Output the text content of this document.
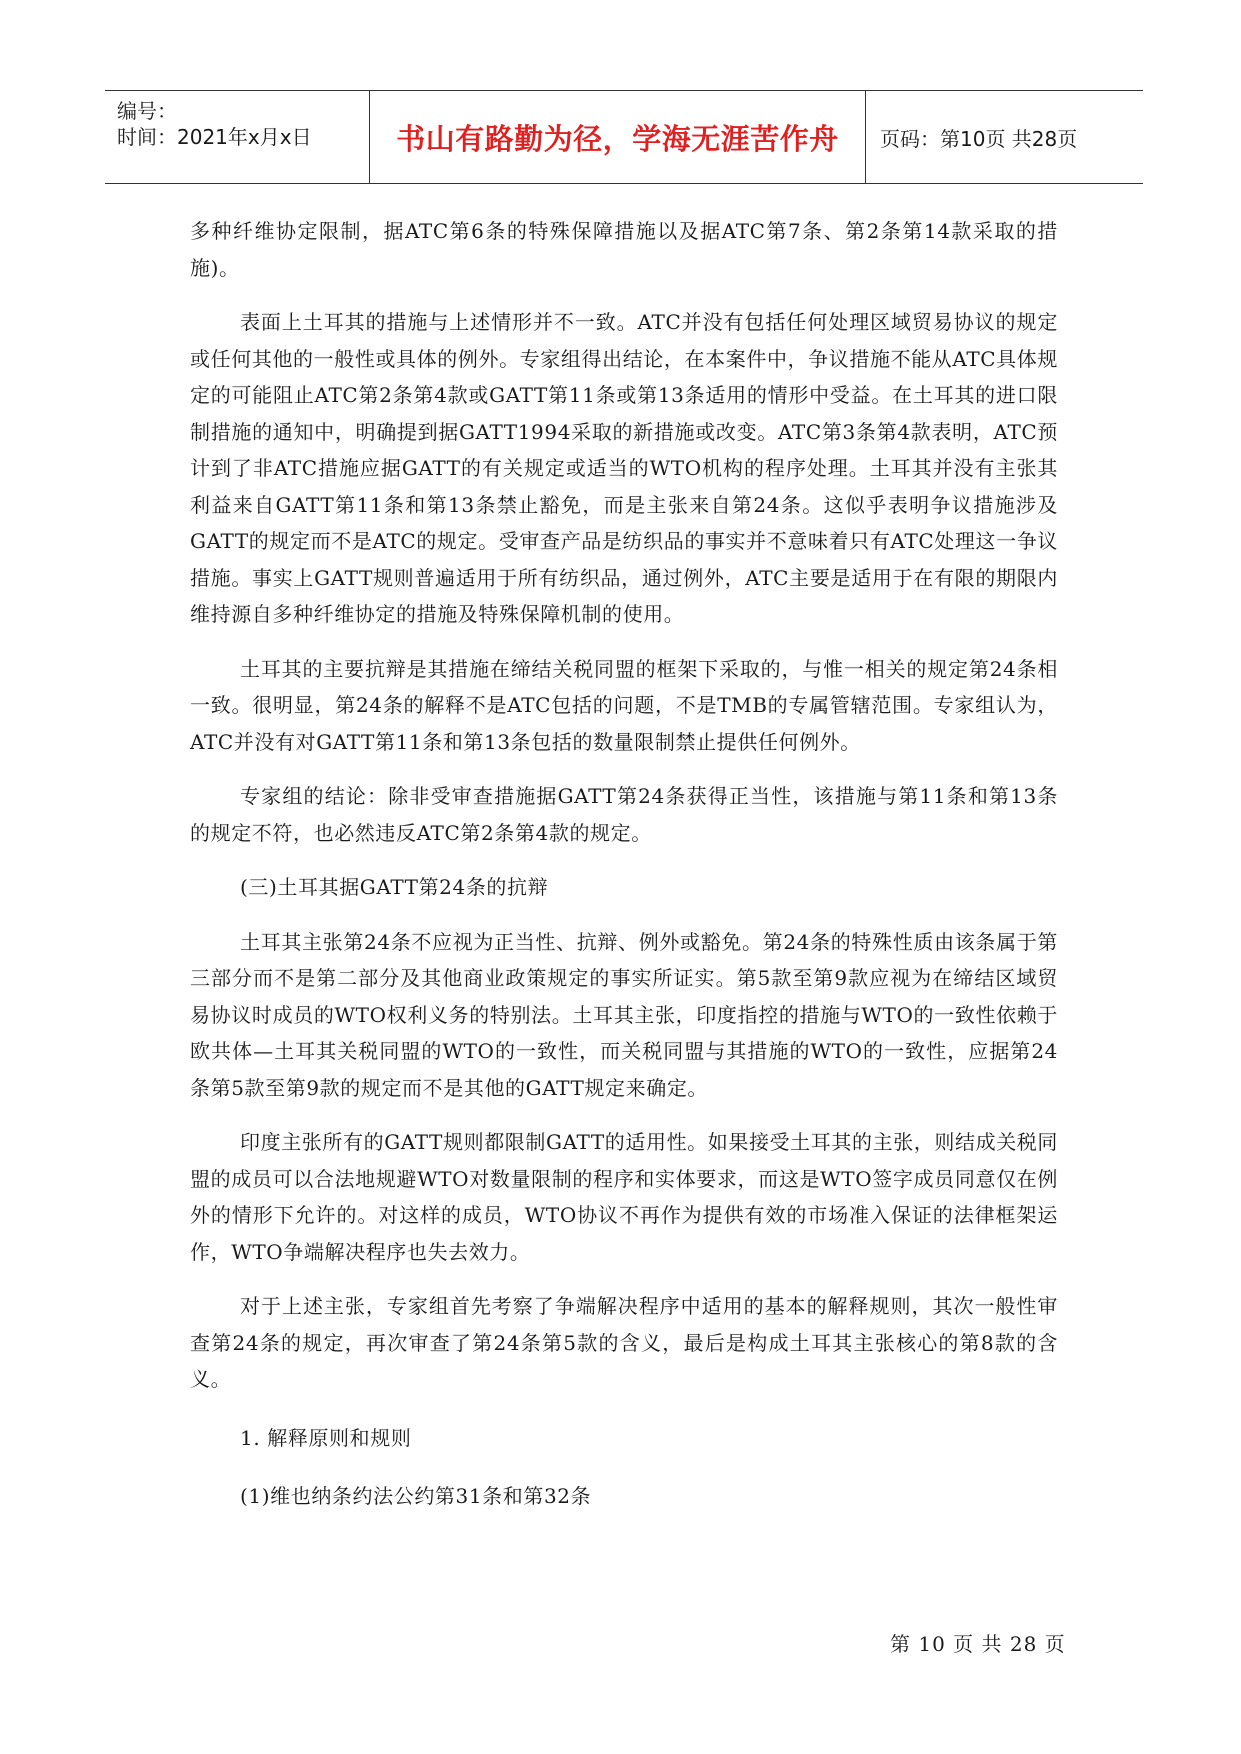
编号：
时间：2021年x月x日	书山有路勤为径，学海无涯苦作舟 页码：第10页 共28页

多种纤维协定限制，据ATC第6条的特殊保障措施以及据ATC第7条、第2条第14款采取的措施)。

表面上土耳其的措施与上述情形并不一致。ATC并没有包括任何处理区域贸易协议的规定或任何其他的一般性或具体的例外。专家组得出结论，在本案件中，争议措施不能从ATC具体规定的可能阻止ATC第2条第4款或GATT第11条或第13条适用的情形中受益。在土耳其的进口限制措施的通知中，明确提到据GATT1994采取的新措施或改变。ATC第3条第4款表明，ATC预计到了非ATC措施应据GATT的有关规定或适当的WTO机构的程序处理。土耳其并没有主张其利益来自GATT第11条和第13条禁止豁免，而是主张来自第24条。这似乎表明争议措施涉及GATT的规定而不是ATC的规定。受审查产品是纺织品的事实并不意味着只有ATC处理这一争议措施。事实上GATT规则普遍适用于所有纺织品，通过例外，ATC主要是适用于在有限的期限内维持源自多种纤维协定的措施及特殊保障机制的使用。

土耳其的主要抗辩是其措施在缔结关税同盟的框架下采取的，与惟一相关的规定第24条相一致。很明显，第24条的解释不是ATC包括的问题，不是TMB的专属管辖范围。专家组认为，ATC并没有对GATT第11条和第13条包括的数量限制禁止提供任何例外。

专家组的结论：除非受审查措施据GATT第24条获得正当性，该措施与第11条和第13条的规定不符，也必然违反ATC第2条第4款的规定。

(三)土耳其据GATT第24条的抗辩

土耳其主张第24条不应视为正当性、抗辩、例外或豁免。第24条的特殊性质由该条属于第三部分而不是第二部分及其他商业政策规定的事实所证实。第5款至第9款应视为在缔结区域贸易协议时成员的WTO权利义务的特别法。土耳其主张，印度指控的措施与WTO的一致性依赖于欧共体—土耳其关税同盟的WTO的一致性，而关税同盟与其措施的WTO的一致性，应据第24条第5款至第9款的规定而不是其他的GATT规定来确定。

印度主张所有的GATT规则都限制GATT的适用性。如果接受土耳其的主张，则结成关税同盟的成员可以合法地规避WTO对数量限制的程序和实体要求，而这是WTO签字成员同意仅在例外的情形下允许的。对这样的成员，WTO协议不再作为提供有效的市场准入保证的法律框架运作，WTO争端解决程序也失去效力。

对于上述主张，专家组首先考察了争端解决程序中适用的基本的解释规则，其次一般性审查第24条的规定，再次审查了第24条第5款的含义，最后是构成土耳其主张核心的第8款的含义。

1. 解释原则和规则

(1)维也纳条约法公约第31条和第32条

第 10 页 共 28 页
